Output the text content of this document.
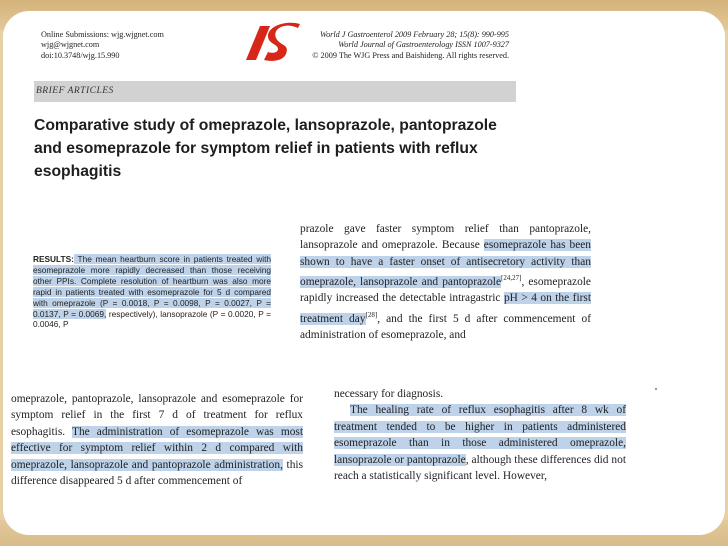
Online Submissions: wjg.wjgnet.com
wjg@wjgnet.com
doi:10.3748/wjg.15.990
World J Gastroenterol 2009 February 28; 15(8): 990-995
World Journal of Gastroenterology ISSN 1007-9327
© 2009 The WJG Press and Baishideng. All rights reserved.
BRIEF ARTICLES
Comparative study of omeprazole, lansoprazole, pantoprazole and esomeprazole for symptom relief in patients with reflux esophagitis
RESULTS: The mean heartburn score in patients treated with esomeprazole more rapidly decreased than those receiving other PPIs. Complete resolution of heartburn was also more rapid in patients treated with esomeprazole for 5 d compared with omeprazole (P = 0.0018, P = 0.0098, P = 0.0027, P = 0.0137, P = 0.0069, respectively), lansoprazole (P = 0.0020, P = 0.0046, P
prazole gave faster symptom relief than pantoprazole, lansoprazole and omeprazole. Because esomeprazole has been shown to have a faster onset of antisecretory activity than omeprazole, lansoprazole and pantoprazole[24,27], esomeprazole rapidly increased the detectable intragastric pH > 4 on the first treatment day[28], and the first 5 d after commencement of administration of esomeprazole, and
omeprazole, pantoprazole, lansoprazole and esomeprazole for symptom relief in the first 7 d of treatment for reflux esophagitis. The administration of esomeprazole was most effective for symptom relief within 2 d compared with omeprazole, lansoprazole and pantoprazole administration, this difference disappeared 5 d after commencement of
necessary for diagnosis.
The healing rate of reflux esophagitis after 8 wk of treatment tended to be higher in patients administered esomeprazole than in those administered omeprazole, lansoprazole or pantoprazole, although these differences did not reach a statistically significant level. However,
